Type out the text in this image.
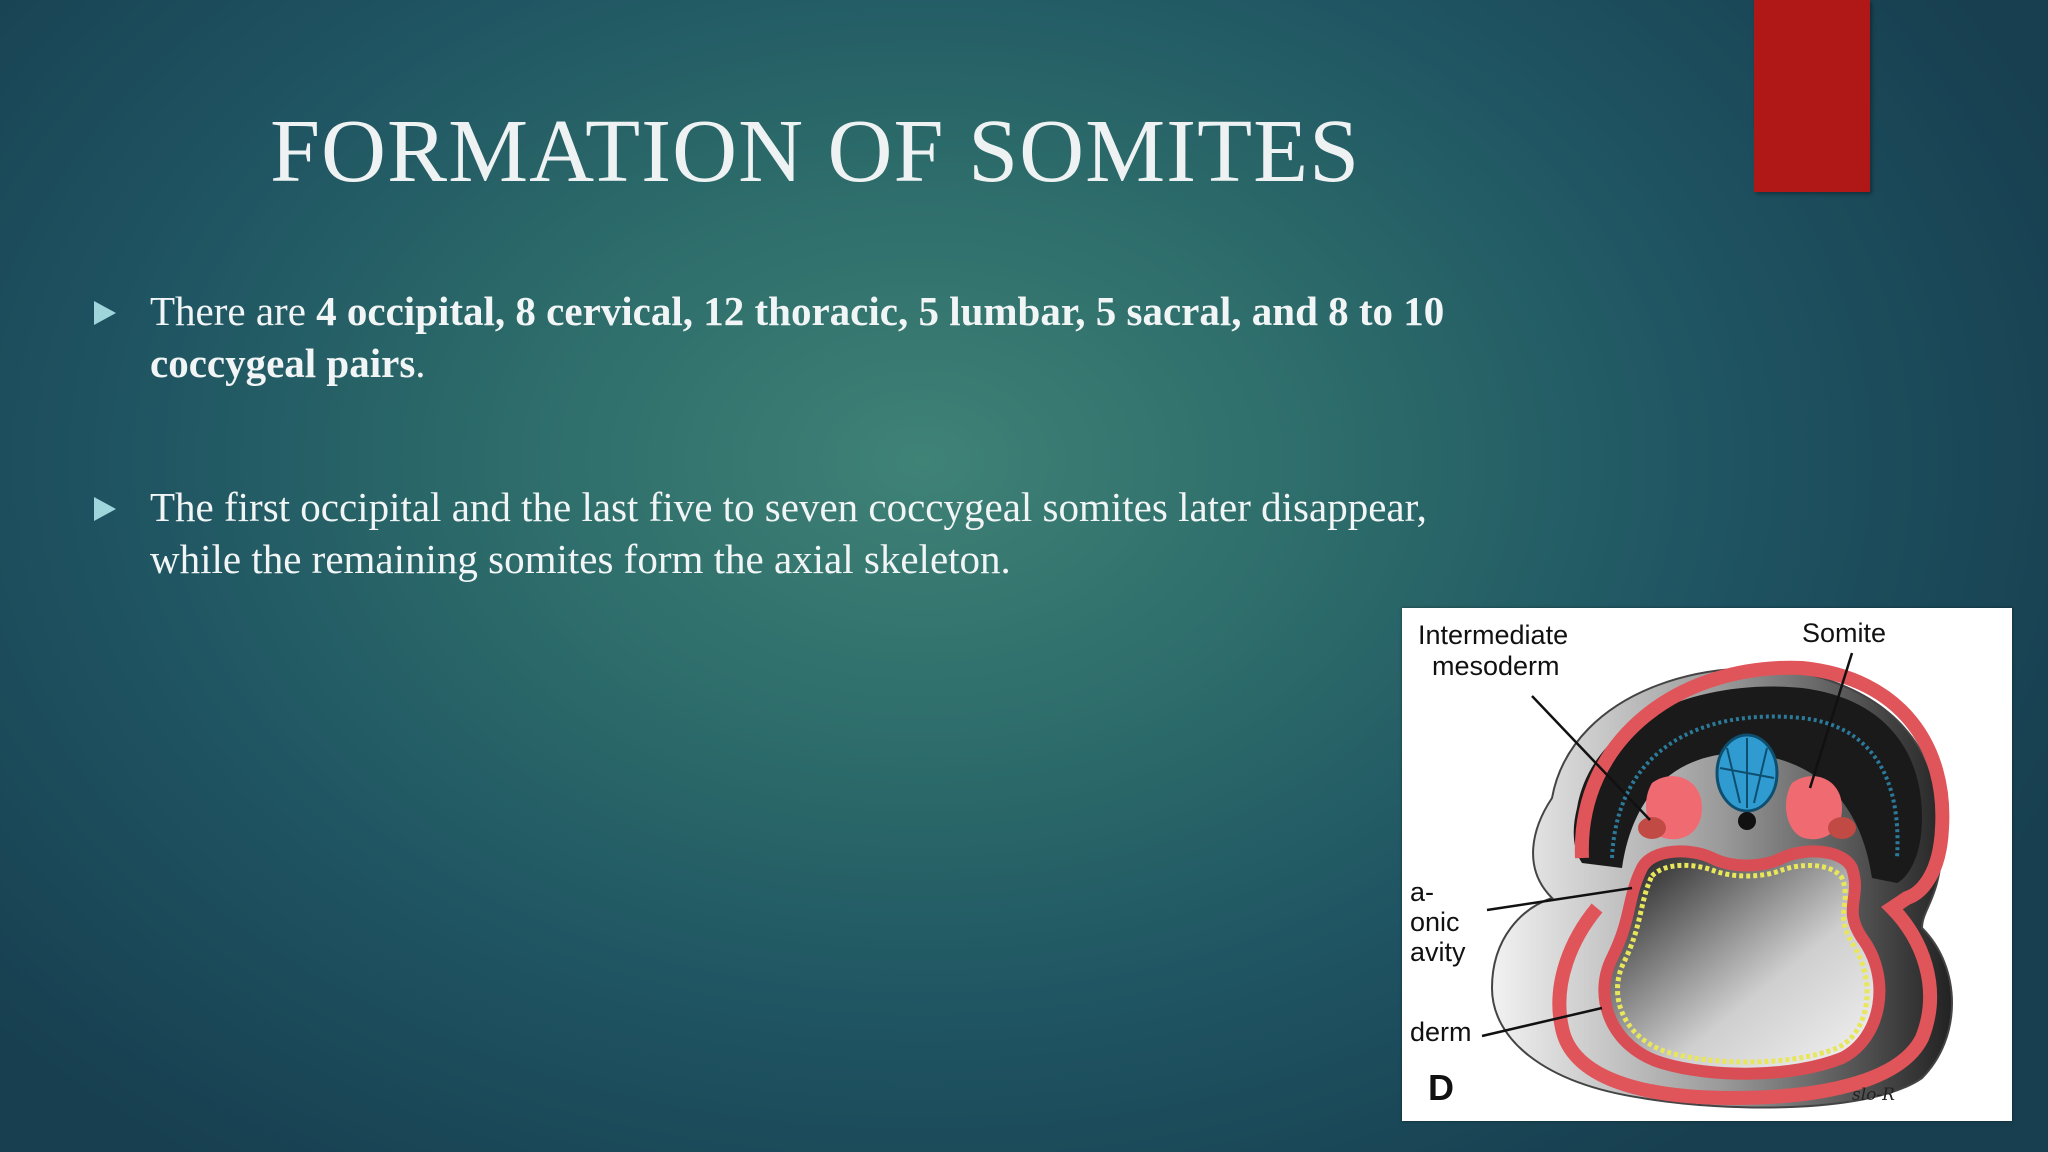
FORMATION OF SOMITES
There are 4 occipital, 8 cervical, 12 thoracic, 5 lumbar, 5 sacral, and 8 to 10
coccygeal pairs.
The first occipital and the last five to seven coccygeal somites later disappear,
while the remaining somites form the axial skeleton.
Intermediate
mesoderm
Somite
a-
onic
avity
derm
D	slo-R
